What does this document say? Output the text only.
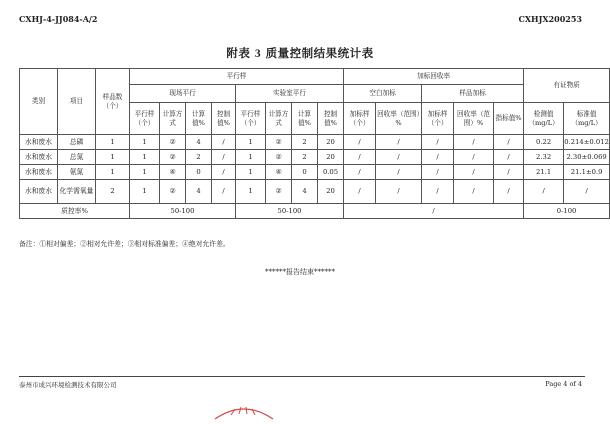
CXHJ-4-JJ084-A/2	CXHJX200253
附表 3 质量控制结果统计表
类别	项目	样品数（个）	平行样								加标回收率					有证物质	
			现场平行				实验室平行				空白加标		样品加标				
			平行样（个）	计算方式	计算值%	控制值%	平行样（个）	计算方式	计算值%	控制值%	加标样（个）	回收率（范围）%	加标样（个）	回收率（范围）%	指标值%	检测值（mg/L）	标准值（mg/L）
水和废水	总磷	1	1	②	4	/	1	②	2	20	/	/	/	/	/	0.22	0.214±0.012
水和废水	总氮	1	1	②	2	/	1	②	2	20	/	/	/	/	/	2.32	2.30±0.069
水和废水	氨氮	1	1	④	0	/	1	④	0	0.05	/	/	/	/	/	21.1	21.1±0.9
水和废水	化学需氧量	2	1	②	4	/	1	②	4	20	/	/	/	/	/	/	/
质控率%			50-100				50-100				/					0-100	
备注：①相对偏差；②相对允许差；③相对标准偏差；④绝对允许差。
******报告结束******
泰州市成兴环境检测技术有限公司	Page 4 of 4
